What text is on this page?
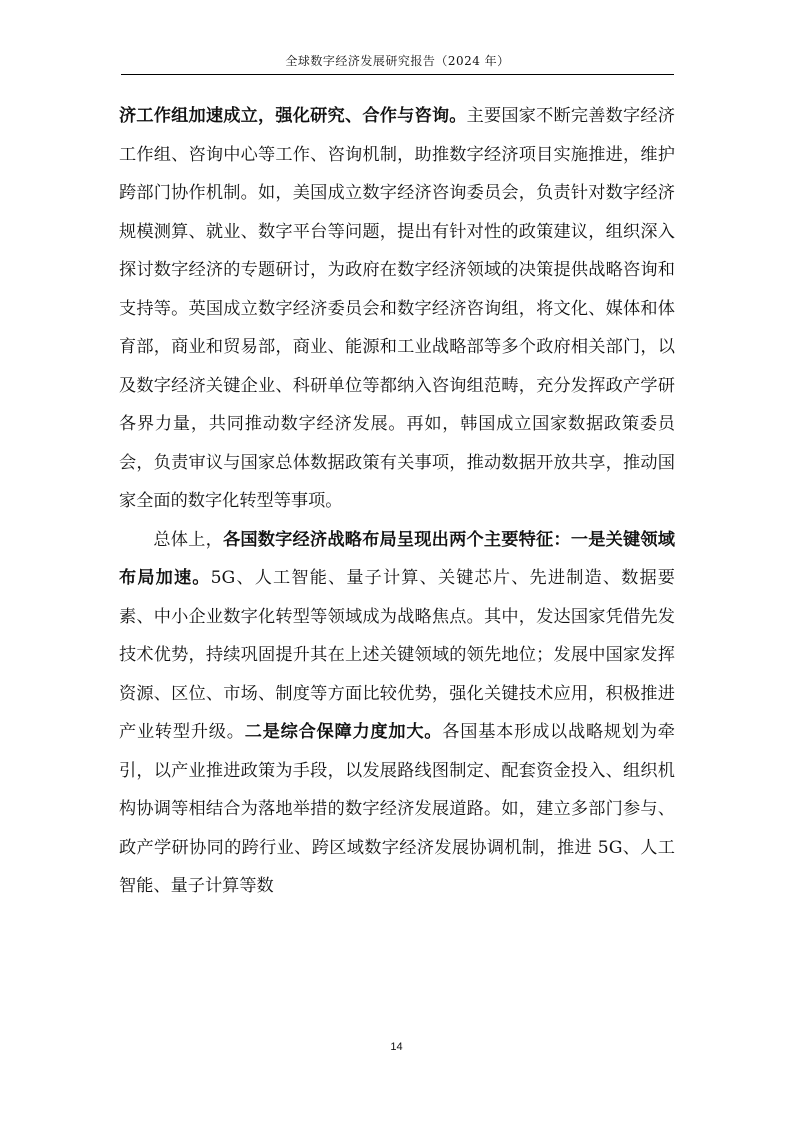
全球数字经济发展研究报告（2024 年）

济工作组加速成立，强化研究、合作与咨询。主要国家不断完善数字经济工作组、咨询中心等工作、咨询机制，助推数字经济项目实施推进，维护跨部门协作机制。如，美国成立数字经济咨询委员会，负责针对数字经济规模测算、就业、数字平台等问题，提出有针对性的政策建议，组织深入探讨数字经济的专题研讨，为政府在数字经济领域的决策提供战略咨询和支持等。英国成立数字经济委员会和数字经济咨询组，将文化、媒体和体育部，商业和贸易部，商业、能源和工业战略部等多个政府相关部门，以及数字经济关键企业、科研单位等都纳入咨询组范畴，充分发挥政产学研各界力量，共同推动数字经济发展。再如，韩国成立国家数据政策委员会，负责审议与国家总体数据政策有关事项，推动数据开放共享，推动国家全面的数字化转型等事项。

总体上，各国数字经济战略布局呈现出两个主要特征：一是关键领域布局加速。5G、人工智能、量子计算、关键芯片、先进制造、数据要素、中小企业数字化转型等领域成为战略焦点。其中，发达国家凭借先发技术优势，持续巩固提升其在上述关键领域的领先地位；发展中国家发挥资源、区位、市场、制度等方面比较优势，强化关键技术应用，积极推进产业转型升级。二是综合保障力度加大。各国基本形成以战略规划为牵引，以产业推进政策为手段，以发展路线图制定、配套资金投入、组织机构协调等相结合为落地举措的数字经济发展道路。如，建立多部门参与、政产学研协同的跨行业、跨区域数字经济发展协调机制，推进 5G、人工智能、量子计算等数

14
